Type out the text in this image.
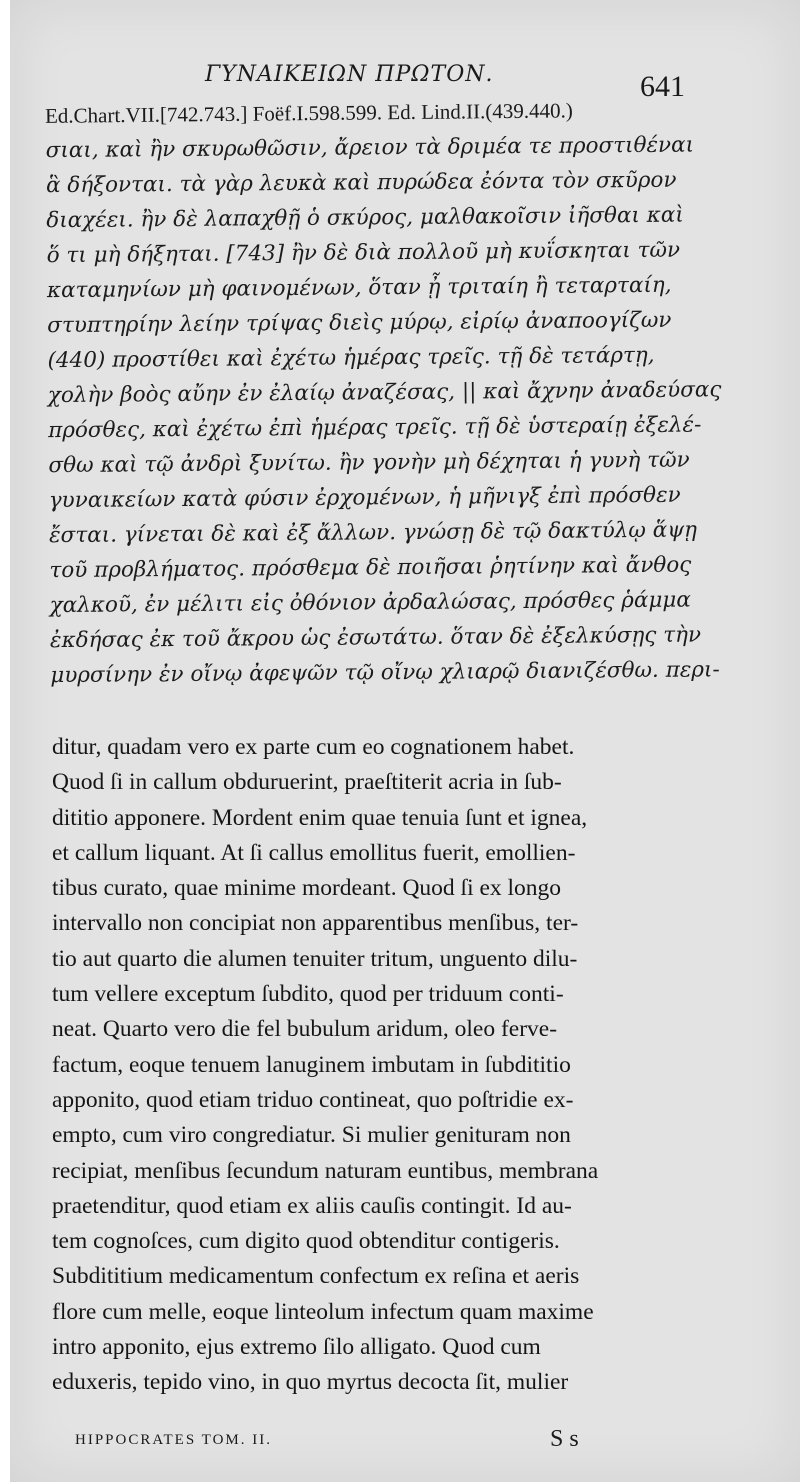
ΓΥΝΑΙΚΕΙΩΝ ΠΡΩΤΟΝ.	641
Ed.Chart.VII.[742.743.] Foëf.I.598.599. Ed. Lind.II.(439.440.)
σιαι, καὶ ἢν σκυρωθῶσιν, ἄρειον τὰ δριμέα τε προστιθέναι
ἃ δήξονται. τὰ γὰρ λευκὰ καὶ πυρώδεα ἐόντα τὸν σκῦρον
διαχέει. ἢν δὲ λαπαχθῇ ὁ σκύρος, μαλθακοῖσιν ἰῆσθαι καὶ
ὅ τι μὴ δήξηται. [743] ἢν δὲ διὰ πολλοῦ μὴ κυΐσκηται τῶν
καταμηνίων μὴ φαινομένων, ὅταν ᾖ τριταίη ἢ τεταρταίη,
στυπτηρίην λείην τρίψας διεὶς μύρῳ, εἰρίῳ ἀναποογίζων
(440) προστίθει καὶ ἐχέτω ἡμέρας τρεῖς. τῇ δὲ τετάρτῃ,
χολὴν βοὸς αὔην ἐν ἐλαίῳ ἀναζέσας, || καὶ ἄχνην ἀναδεύσας
πρόσθες, καὶ ἐχέτω ἐπὶ ἡμέρας τρεῖς. τῇ δὲ ὑστεραίῃ ἐξελέ-
σθω καὶ τῷ ἀνδρὶ ξυνίτω. ἢν γονὴν μὴ δέχηται ἡ γυνὴ τῶν
γυναικείων κατὰ φύσιν ἐρχομένων, ἡ μῆνιγξ ἐπὶ πρόσθεν
ἔσται. γίνεται δὲ καὶ ἐξ ἄλλων. γνώσῃ δὲ τῷ δακτύλῳ ἅψῃ
τοῦ προβλήματος. πρόσθεμα δὲ ποιῆσαι ῥητίνην καὶ ἄνθος
χαλκοῦ, ἐν μέλιτι εἰς ὀθόνιον ἀρδαλώσας, πρόσθες ῥάμμα
ἐκδήσας ἐκ τοῦ ἄκρου ὡς ἐσωτάτω. ὅταν δὲ ἐξελκύσῃς τὴν
μυρσίνην ἐν οἴνῳ ἀφεψῶν τῷ οἴνῳ χλιαρῷ διανιζέσθω. περι-
ditur, quadam vero ex parte cum eo cognationem habet.
Quod ſi in callum obduruerint, praeſtiterit acria in ſub-
dititio apponere. Mordent enim quae tenuia ſunt et ignea,
et callum liquant. At ſi callus emollitus fuerit, emollien-
tibus curato, quae minime mordeant. Quod ſi ex longo
intervallo non concipiat non apparentibus menſibus, ter-
tio aut quarto die alumen tenuiter tritum, unguento dilu-
tum vellere exceptum ſubdito, quod per triduum conti-
neat. Quarto vero die fel bubulum aridum, oleo ferve-
factum, eoque tenuem lanuginem imbutam in ſubdititio
apponito, quod etiam triduo contineat, quo poſtridie ex-
empto, cum viro congrediatur. Si mulier genituram non
recipiat, menſibus ſecundum naturam euntibus, membrana
praetenditur, quod etiam ex aliis cauſis contingit. Id au-
tem cognoſces, cum digito quod obtenditur contigeris.
Subdititium medicamentum confectum ex reſina et aeris
flore cum melle, eoque linteolum infectum quam maxime
intro apponito, ejus extremo ſilo alligato. Quod cum
eduxeris, tepido vino, in quo myrtus decocta ſit, mulier
HIPPOCRATES TOM. II.	S s
